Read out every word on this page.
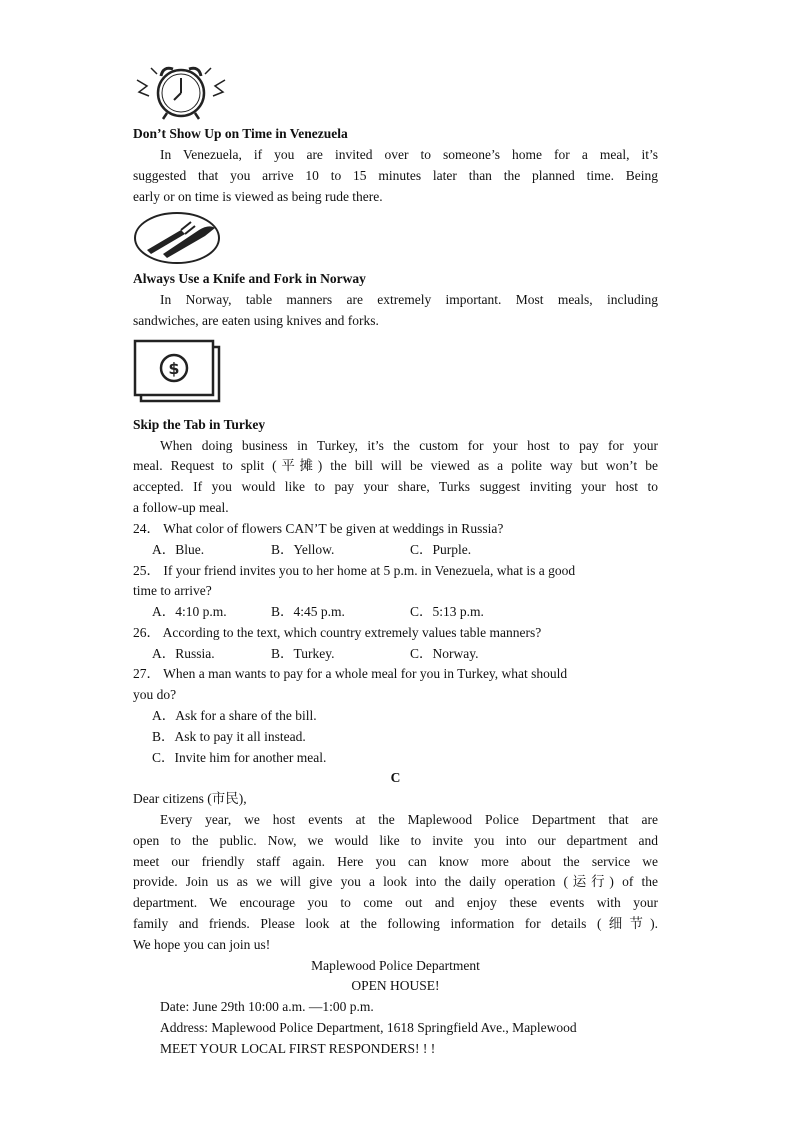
Don’t Show Up on Time in Venezuela
In Venezuela, if you are invited over to someone’s home for a meal, it’s
suggested that you arrive 10 to 15 minutes later than the planned time. Being
early or on time is viewed as being rude there.
Always Use a Knife and Fork in Norway
In Norway, table manners are extremely important. Most meals, including
sandwiches, are eaten using knives and forks.
$
Skip the Tab in Turkey
When doing business in Turkey, it’s the custom for your host to pay for your
meal. Request to split (平摊) the bill will be viewed as a polite way but won’t be
accepted. If you would like to pay your share, Turks suggest inviting your host to
a follow-up meal.
24． What color of flowers CAN’T be given at weddings in Russia?
A．Blue.	B．Yellow.	C．Purple.
25． If your friend invites you to her home at 5 p.m. in Venezuela, what is a good
time to arrive?
A．4:10 p.m.	B．4:45 p.m.	C．5:13 p.m.
26． According to the text, which country extremely values table manners?
A．Russia.	B．Turkey.	C．Norway.
27． When a man wants to pay for a whole meal for you in Turkey, what should
you do?
A．Ask for a share of the bill.
B．Ask to pay it all instead.
C．Invite him for another meal.
C
Dear citizens (市民),
Every year, we host events at the Maplewood Police Department that are
open to the public. Now, we would like to invite you into our department and
meet our friendly staff again. Here you can know more about the service we
provide. Join us as we will give you a look into the daily operation (运行) of the
department. We encourage you to come out and enjoy these events with your
family and friends. Please look at the following information for details (细节).
We hope you can join us!
Maplewood Police Department
OPEN HOUSE!
Date: June 29th 10:00 a.m. —1:00 p.m.
Address: Maplewood Police Department, 1618 Springfield Ave., Maplewood
MEET YOUR LOCAL FIRST RESPONDERS! ! !
